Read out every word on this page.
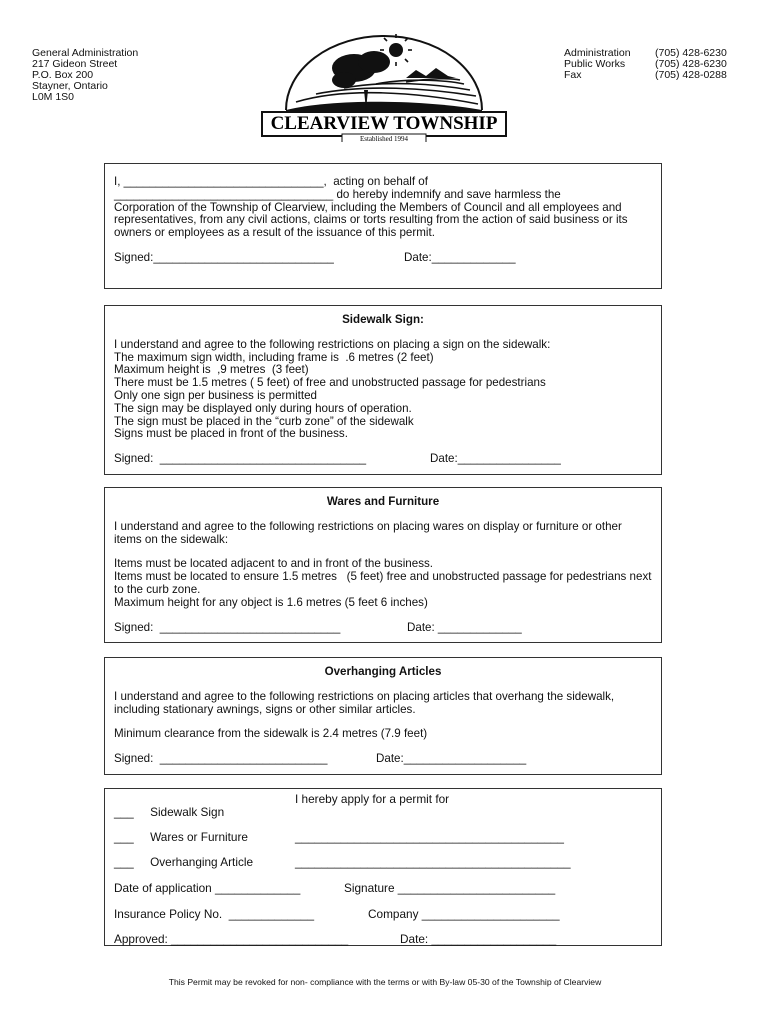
General Administration
217 Gideon Street
P.O. Box 200
Stayner, Ontario
L0M 1S0
Administration	(705) 428-6230
Public Works	(705) 428-6230
Fax	(705) 428-0288
CLEARVIEW TOWNSHIP
Established 1994

I, _______________________________,  acting on behalf of

__________________________________ do hereby indemnify and save harmless the

Corporation of the Township of Clearview, including the Members of Council and all employees and representatives, from any civil actions, claims or torts resulting from the action of said business or its owners or employees as a result of the issuance of this permit.

Signed:____________________________	Date:_____________
Sidewalk Sign:

I understand and agree to the following restrictions on placing a sign on the sidewalk:

The maximum sign width, including frame is  .6 metres (2 feet)

Maximum height is  ,9 metres  (3 feet)

There must be 1.5 metres ( 5 feet) of free and unobstructed passage for pedestrians

Only one sign per business is permitted

The sign may be displayed only during hours of operation.

The sign must be placed in the “curb zone” of the sidewalk

Signs must be placed in front of the business.

Signed:  ________________________________	Date:________________
Wares and Furniture

I understand and agree to the following restrictions on placing wares on display or furniture or other items on the sidewalk:

Items must be located adjacent to and in front of the business.

Items must be located to ensure 1.5 metres   (5 feet) free and unobstructed passage for pedestrians next to the curb zone.

Maximum height for any object is 1.6 metres (5 feet 6 inches)

Signed:  ____________________________	Date: _____________
Overhanging Articles

I understand and agree to the following restrictions on placing articles that overhang the sidewalk, including stationary awnings, signs or other similar articles.

Minimum clearance from the sidewalk is 2.4 metres (7.9 feet)

Signed:  __________________________	Date:___________________
I hereby apply for a permit for
___     Sidewalk Sign
___     Wares or Furniture	_________________________________________
___     Overhanging Article	__________________________________________
Date of application _____________	Signature ________________________
Insurance Policy No.  _____________	Company _____________________
Approved: ___________________________	Date: ___________________
This Permit may be revoked for non- compliance with the terms or with By-law 05-30 of the Township of Clearview
